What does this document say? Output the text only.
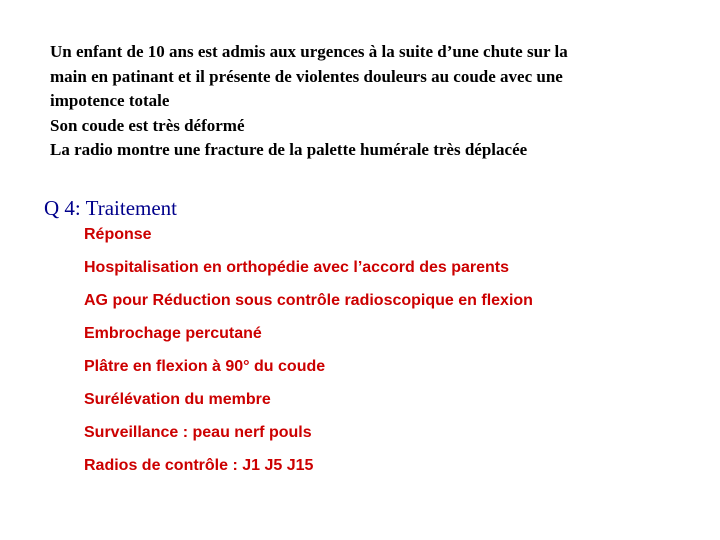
Un enfant de 10 ans est admis aux urgences à la suite d’une chute sur la
main en patinant et il présente de violentes douleurs au coude avec une
impotence totale
Son coude est très déformé
La radio montre une fracture de la palette humérale très déplacée
Q 4: Traitement
Réponse
Hospitalisation en orthopédie avec l’accord des parents
AG pour Réduction sous contrôle radioscopique en flexion
Embrochage percutané
Plâtre en flexion à 90° du coude
Surélévation du membre
Surveillance : peau nerf pouls
Radios de contrôle : J1 J5 J15
